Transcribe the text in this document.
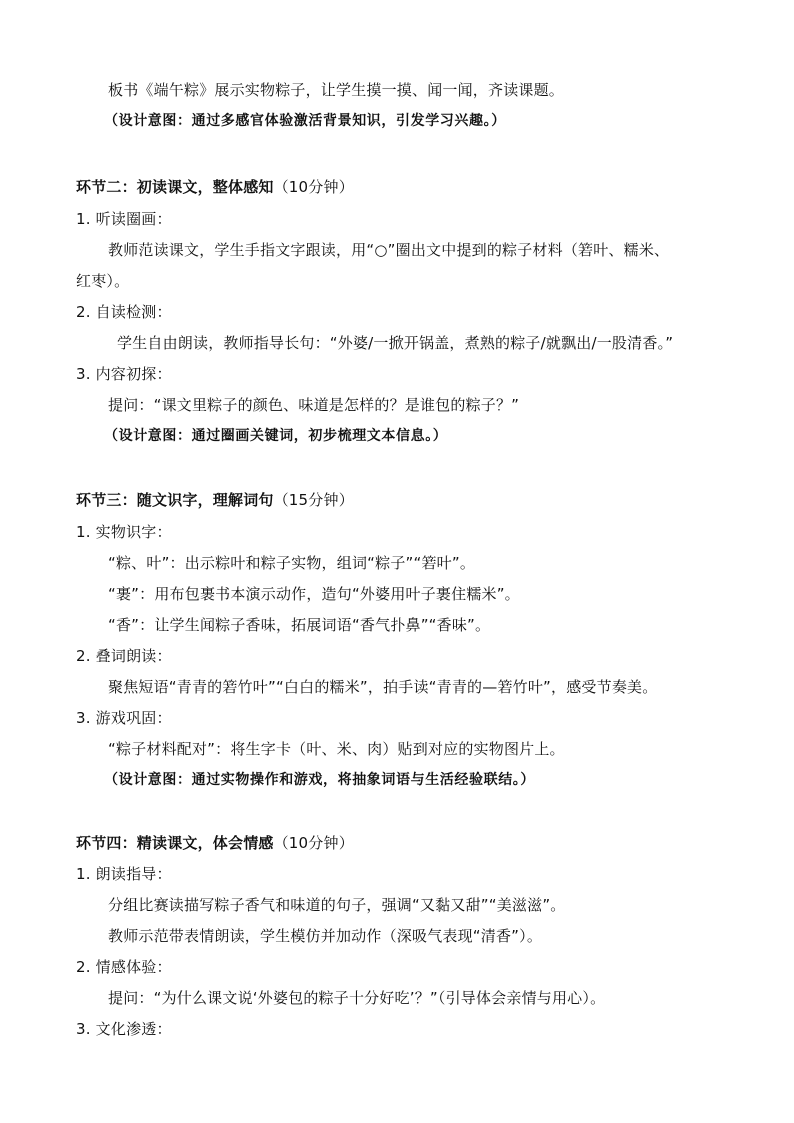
板书《端午粽》展示实物粽子，让学生摸一摸、闻一闻，齐读课题。
（设计意图：通过多感官体验激活背景知识，引发学习兴趣。）
环节二：初读课文，整体感知（10分钟）
1. 听读圈画：
教师范读课文，学生手指文字跟读，用“○”圈出文中提到的粽子材料（箬叶、糯米、
红枣）。
2. 自读检测：
学生自由朗读，教师指导长句：“外婆/一掀开锅盖，煮熟的粽子/就飘出/一股清香。”
3. 内容初探：
提问：“课文里粽子的颜色、味道是怎样的？是谁包的粽子？”
（设计意图：通过圈画关键词，初步梳理文本信息。）
环节三：随文识字，理解词句（15分钟）
1. 实物识字：
“粽、叶”：出示粽叶和粽子实物，组词“粽子”“箬叶”。
“裹”：用布包裹书本演示动作，造句“外婆用叶子裹住糯米”。
“香”：让学生闻粽子香味，拓展词语“香气扑鼻”“香味”。
2. 叠词朗读：
聚焦短语“青青的箬竹叶”“白白的糯米”，拍手读“青青的—箬竹叶”，感受节奏美。
3. 游戏巩固：
“粽子材料配对”：将生字卡（叶、米、肉）贴到对应的实物图片上。
（设计意图：通过实物操作和游戏，将抽象词语与生活经验联结。）
环节四：精读课文，体会情感（10分钟）
1. 朗读指导：
分组比赛读描写粽子香气和味道的句子，强调“又黏又甜”“美滋滋”。
教师示范带表情朗读，学生模仿并加动作（深吸气表现“清香”）。
2. 情感体验：
提问：“为什么课文说‘外婆包的粽子十分好吃’？”（引导体会亲情与用心）。
3. 文化渗透：
